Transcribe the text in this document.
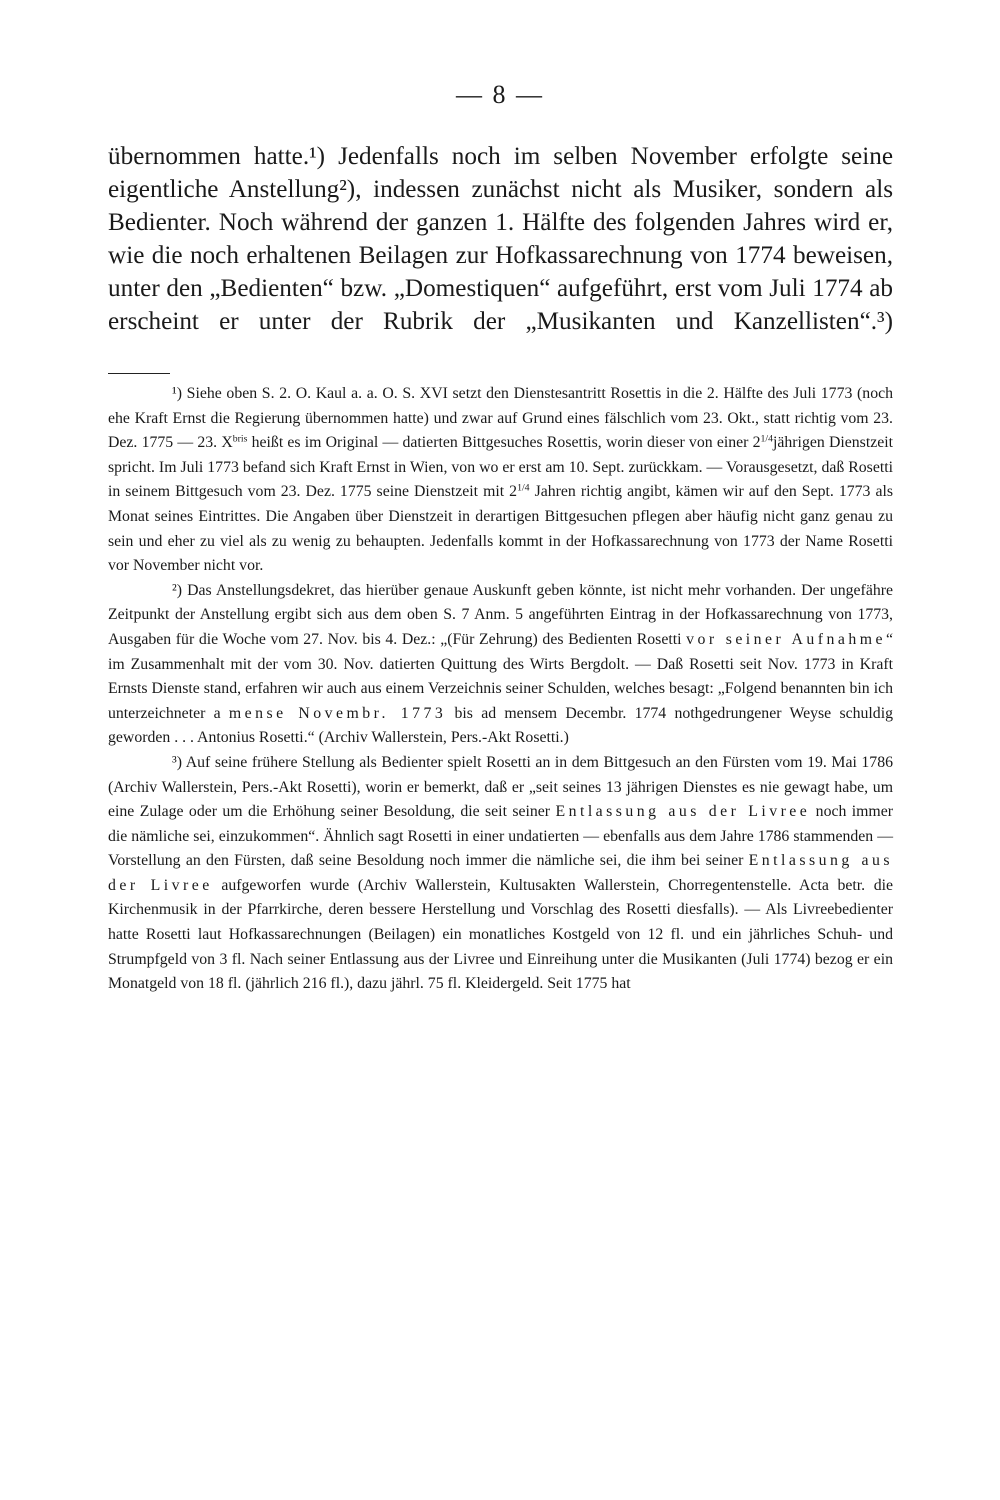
— 8 —

übernommen hatte.¹) Jedenfalls noch im selben November erfolgte seine eigentliche Anstellung²), indessen zunächst nicht als Musiker, sondern als Bedienter. Noch während der ganzen 1. Hälfte des folgenden Jahres wird er, wie die noch erhaltenen Beilagen zur Hofkassarechnung von 1774 beweisen, unter den „Bedienten“ bzw. „Domestiquen“ aufgeführt, erst vom Juli 1774 ab erscheint er unter der Rubrik der „Musikanten und Kanzellisten“.³)

¹) Siehe oben S. 2. O. Kaul a. a. O. S. XVI setzt den Dienstesantritt Rosettis in die 2. Hälfte des Juli 1773 (noch ehe Kraft Ernst die Regierung übernommen hatte) und zwar auf Grund eines fälschlich vom 23. Okt., statt richtig vom 23. Dez. 1775 — 23. $X^{bris}$ heißt es im Original — datierten Bittgesuches Rosettis, worin dieser von einer $2^{1/4}jährigen$ Dienstzeit spricht. Im Juli 1773 befand sich Kraft Ernst in Wien, von wo er erst am 10. Sept. zurückkam. — Vorausgesetzt, daß Rosetti in seinem Bittgesuch vom 23. Dez. 1775 seine Dienstzeit mit $2^{1/4}$ Jahren richtig angibt, kämen wir auf den Sept. 1773 als Monat seines Eintrittes. Die Angaben über Dienstzeit in derartigen Bittgesuchen pflegen aber häufig nicht ganz genau zu sein und eher zu viel als zu wenig zu behaupten. Jedenfalls kommt in der Hofkassarechnung von 1773 der Name Rosetti vor November nicht vor.

²) Das Anstellungsdekret, das hierüber genaue Auskunft geben könnte, ist nicht mehr vorhanden. Der ungefähre Zeitpunkt der Anstellung ergibt sich aus dem oben S. 7 Anm. 5 angeführten Eintrag in der Hofkassarechnung von 1773, Ausgaben für die Woche vom 27. Nov. bis 4. Dez.: „(Für Zehrung) des Bedienten Rosetti vor seiner Aufnahme“ im Zusammenhalt mit der vom 30. Nov. datierten Quittung des Wirts Bergdolt. — Daß Rosetti seit Nov. 1773 in Kraft Ernsts Dienste stand, erfahren wir auch aus einem Verzeichnis seiner Schulden, welches besagt: „Folgend benannten bin ich unterzeichneter a mense Novembr. 1773 bis ad mensem Decembr. 1774 nothgedrungener Weyse schuldig geworden . . . Antonius Rosetti.“ (Archiv Wallerstein, Pers.-Akt Rosetti.)

³) Auf seine frühere Stellung als Bedienter spielt Rosetti an in dem Bittgesuch an den Fürsten vom 19. Mai 1786 (Archiv Wallerstein, Pers.-Akt Rosetti), worin er bemerkt, daß er „seit seines 13 jährigen Dienstes es nie gewagt habe, um eine Zulage oder um die Erhöhung seiner Besoldung, die seit seiner Entlassung aus der Livree noch immer die nämliche sei, einzukommen“. Ähnlich sagt Rosetti in einer undatierten — ebenfalls aus dem Jahre 1786 stammenden — Vorstellung an den Fürsten, daß seine Besoldung noch immer die nämliche sei, die ihm bei seiner Entlassung aus der Livree aufgeworfen wurde (Archiv Wallerstein, Kultusakten Wallerstein, Chorregentenstelle. Acta betr. die Kirchenmusik in der Pfarrkirche, deren bessere Herstellung und Vorschlag des Rosetti diesfalls). — Als Livreebedienter hatte Rosetti laut Hofkassarechnungen (Beilagen) ein monatliches Kostgeld von 12 fl. und ein jährliches Schuh- und Strumpfgeld von 3 fl. Nach seiner Entlassung aus der Livree und Einreihung unter die Musikanten (Juli 1774) bezog er ein Monatgeld von 18 fl. (jährlich 216 fl.), dazu jährl. 75 fl. Kleidergeld. Seit 1775 hat
